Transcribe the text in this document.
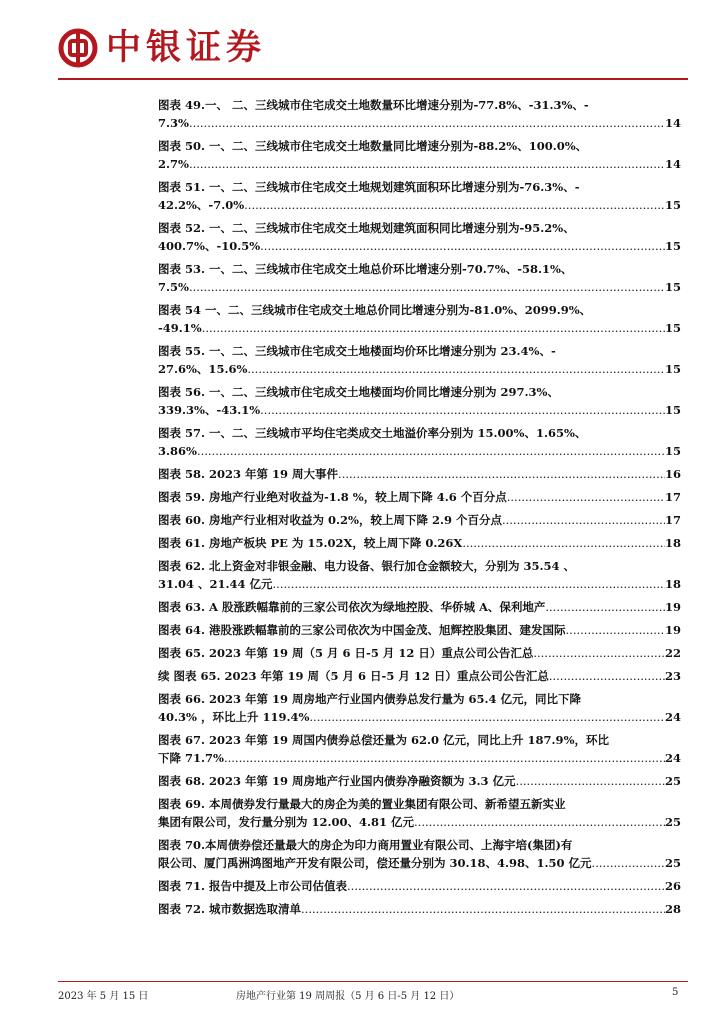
中银证券
图表 49.一、 二、三线城市住宅成交土地数量环比增速分别为-77.8%、-31.3%、-
7.3% .....	14
图表 50. 一、二、三线城市住宅成交土地数量同比增速分别为-88.2%、100.0%、
2.7% .....	14
图表 51. 一、二、三线城市住宅成交土地规划建筑面积环比增速分别为-76.3%、-
42.2%、-7.0% .....	15
图表 52. 一、二、三线城市住宅成交土地规划建筑面积同比增速分别为-95.2%、
400.7%、-10.5% .....	15
图表 53. 一、二、三线城市住宅成交土地总价环比增速分别-70.7%、-58.1%、
7.5% .....	15
图表 54 一、二、三线城市住宅成交土地总价同比增速分别为-81.0%、2099.9%、
-49.1% .....	15
图表 55. 一、二、三线城市住宅成交土地楼面均价环比增速分别为 23.4%、-
27.6%、15.6% .....	15
图表 56. 一、二、三线城市住宅成交土地楼面均价同比增速分别为 297.3%、
339.3%、-43.1% .....	15
图表 57. 一、二、三线城市平均住宅类成交土地溢价率分别为 15.00%、1.65%、
3.86% .....	15
图表 58. 2023 年第 19 周大事件 .....	16
图表 59. 房地产行业绝对收益为-1.8 %，较上周下降 4.6 个百分点 .....	17
图表 60. 房地产行业相对收益为 0.2%，较上周下降 2.9 个百分点 .....	17
图表 61. 房地产板块 PE 为 15.02X，较上周下降 0.26X .....	18
图表 62. 北上资金对非银金融、电力设备、银行加仓金额较大，分别为 35.54 、
31.04 、21.44 亿元 .....	18
图表 63. A 股涨跌幅靠前的三家公司依次为绿地控股、华侨城 A、保利地产 .....	19
图表 64. 港股涨跌幅靠前的三家公司依次为中国金茂、旭辉控股集团、建发国际 .....	19
图表 65. 2023 年第 19 周（5 月 6 日-5 月 12 日）重点公司公告汇总 .....	22
续 图表 65. 2023 年第 19 周（5 月 6 日-5 月 12 日）重点公司公告汇总 .....	23
图表 66. 2023 年第 19 周房地产行业国内债券总发行量为 65.4 亿元，同比下降
40.3% ，环比上升 119.4% .....	24
图表 67. 2023 年第 19 周国内债券总偿还量为 62.0 亿元，同比上升 187.9%，环比
下降 71.7% .....	24
图表 68. 2023 年第 19 周房地产行业国内债券净融资额为 3.3 亿元 .....	25
图表 69. 本周债券发行量最大的房企为美的置业集团有限公司、新希望五新实业
集团有限公司，发行量分别为 12.00、4.81 亿元 .....	25
图表 70.本周债券偿还量最大的房企为印力商用置业有限公司、上海宇培(集团)有
限公司、厦门禹洲鸿图地产开发有限公司，偿还量分别为 30.18、4.98、1.50 亿元 .....	25
图表 71. 报告中提及上市公司估值表 .....	26
图表 72. 城市数据选取清单 .....	28
2023 年 5 月 15 日	房地产行业第 19 周周报（5 月 6 日-5 月 12 日）	5
